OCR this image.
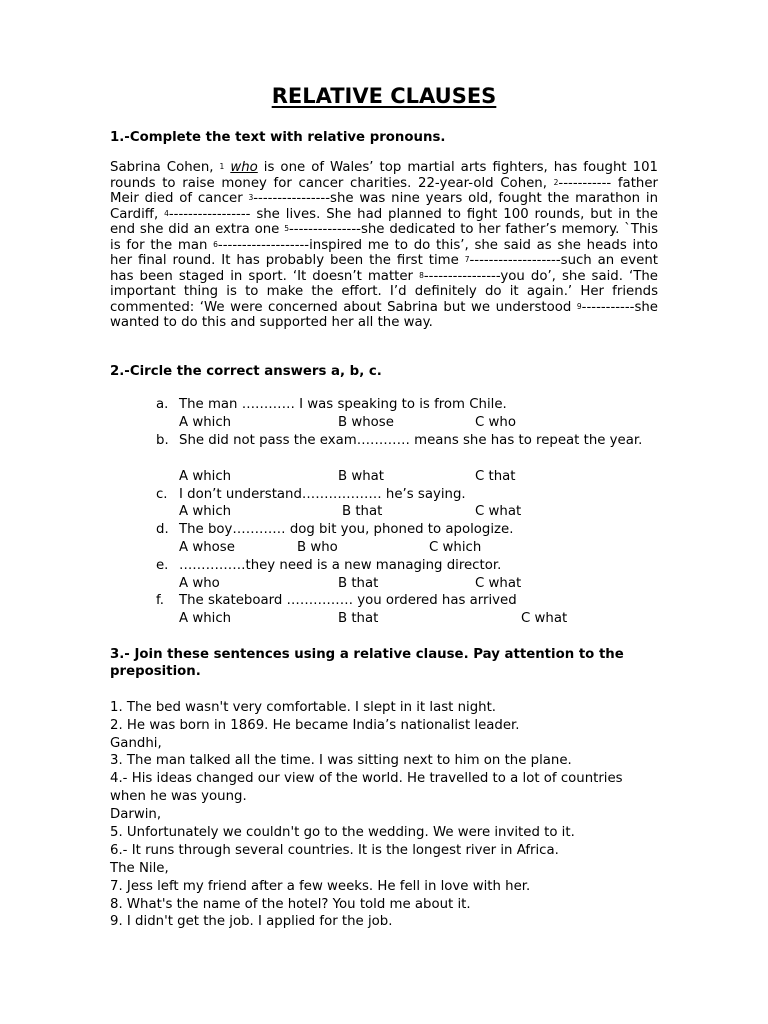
RELATIVE CLAUSES

1.-Complete the text with relative pronouns.

Sabrina Cohen, $^1$ who is one of Wales’ top martial arts fighters, has fought 101 rounds to raise money for cancer charities. 22-year-old Cohen, $^2$----------- father Meir died of cancer $^3$----------------she was nine years old, fought the marathon in Cardiff, $^4$----------------- she lives. She had planned to fight 100 rounds, but in the end she did an extra one $^5$---------------she dedicated to her father’s memory. `This is for the man $^6$-------------------inspired me to do this’, she said as she heads into her final round. It has probably been the first time $^7$-------------------such an event has been staged in sport. ‘It doesn’t matter $^8$----------------you do’, she said. ‘The important thing is to make the effort. I’d definitely do it again.’ Her friends commented: ‘We were concerned about Sabrina but we understood $^9$-----------she wanted to do this and supported her all the way.

2.-Circle the correct answers a, b, c.

a. The man ………… I was speaking to is from Chile.
A which	B whose	C who
b. She did not pass the exam………… means she has to repeat the year.
A which	B what	C that
c. I don’t understand……………… he’s saying.
A which	B that	C what
d. The boy………… dog bit you, phoned to apologize.
A whose	B who	C which
e. ……………they need is a new managing director.
A who	B that	C what
f. The skateboard …………… you ordered has arrived
A which	B that	C what

3.- Join these sentences using a relative clause. Pay attention to the preposition.

1. The bed wasn't very comfortable. I slept in it last night.
2. He was born in 1869. He became India’s nationalist leader.
Gandhi,
3. The man talked all the time. I was sitting next to him on the plane.
4.- His ideas changed our view of the world. He travelled to a lot of countries when he was young.
Darwin,
5. Unfortunately we couldn't go to the wedding. We were invited to it.
6.- It runs through several countries. It is the longest river in Africa.
The Nile,
7. Jess left my friend after a few weeks. He fell in love with her.
8. What's the name of the hotel? You told me about it.
9. I didn't get the job. I applied for the job.
